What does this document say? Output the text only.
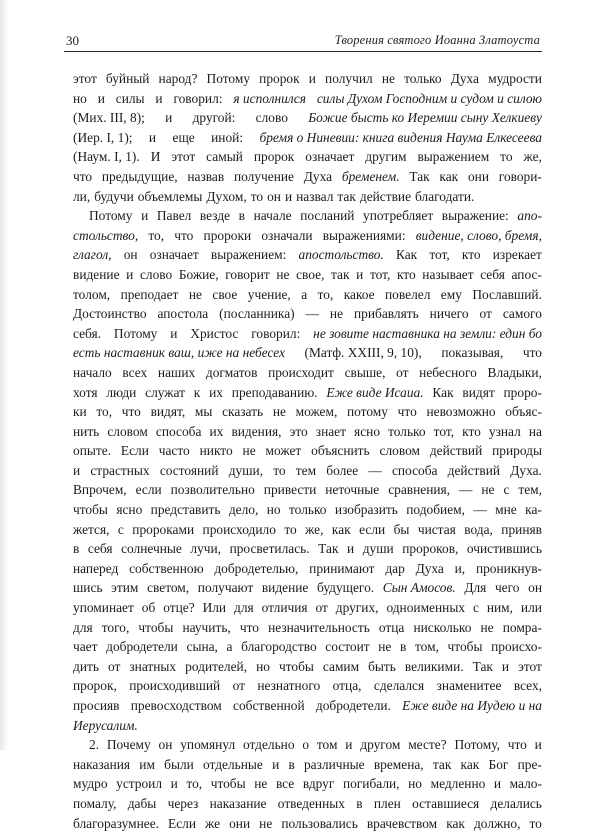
30	Творения святого Иоанна Златоуста
этот буйный народ? Потому пророк и получил не только Духа мудрости
но и силы и говорил: я исполнился силы Духом Господним и судом и силою
(Мих. III, 8); и другой: слово Божие бысть ко Иеремии сыну Хелкиеву
(Иер. I, 1); и еще иной: бремя о Ниневии: книга видения Наума Елкесеева
(Наум. I, 1). И этот самый пророк означает другим выражением то же,
что предыдущие, назвав получение Духа бременем. Так как они говори-
ли, будучи объемлемы Духом, то он и назвал так действие благодати.
Потому и Павел везде в начале посланий употребляет выражение: ano-
стольство, то, что пророки означали выражениями: видение, слово, бремя,
глагол, он означает выражением: апостольство. Как тот, кто изрекает
видение и слово Божие, говорит не свое, так и тот, кто называет себя апос-
толом, преподает не свое учение, а то, какое повелел ему Пославший.
Достоинство апостола (посланника) — не прибавлять ничего от самого
себя. Потому и Христос говорил: не зовите наставника на земли: един бо
есть наставник ваш, иже на небесех (Матф. XXIII, 9, 10), показывая, что
начало всех наших догматов происходит свыше, от небесного Владыки,
хотя люди служат к их преподаванию. Еже виде Исаиа. Как видят проро-
ки то, что видят, мы сказать не можем, потому что невозможно объяс-
нить словом способа их видения, это знает ясно только тот, кто узнал на
опыте. Если часто никто не может объяснить словом действий природы
и страстных состояний души, то тем более — способа действий Духа.
Впрочем, если позволительно привести неточные сравнения, — не с тем,
чтобы ясно представить дело, но только изобразить подобием, — мне ка-
жется, с пророками происходило то же, как если бы чистая вода, приняв
в себя солнечные лучи, просветилась. Так и души пророков, очистившись
наперед собственною добродетелью, принимают дар Духа и, проникнув-
шись этим светом, получают видение будущего. Сын Амосов. Для чего он
упоминает об отце? Или для отличия от других, одноименных с ним, или
для того, чтобы научить, что незначительность отца нисколько не помра-
чает добродетели сына, а благородство состоит не в том, чтобы происхо-
дить от знатных родителей, но чтобы самим быть великими. Так и этот
пророк, происходивший от незнатного отца, сделался знаменитее всех,
просияв превосходством собственной добродетели. Еже виде на Иудею и на
Иерусалим.
2. Почему он упомянул отдельно о том и другом месте? Потому, что и
наказания им были отдельные и в различные времена, так как Бог пре-
мудро устроил и то, чтобы не все вдруг погибали, но медленно и мало-
помалу, дабы через наказание отведенных в плен оставшиеся делались
благоразумнее. Если же они не пользовались врачевством как должно, то
